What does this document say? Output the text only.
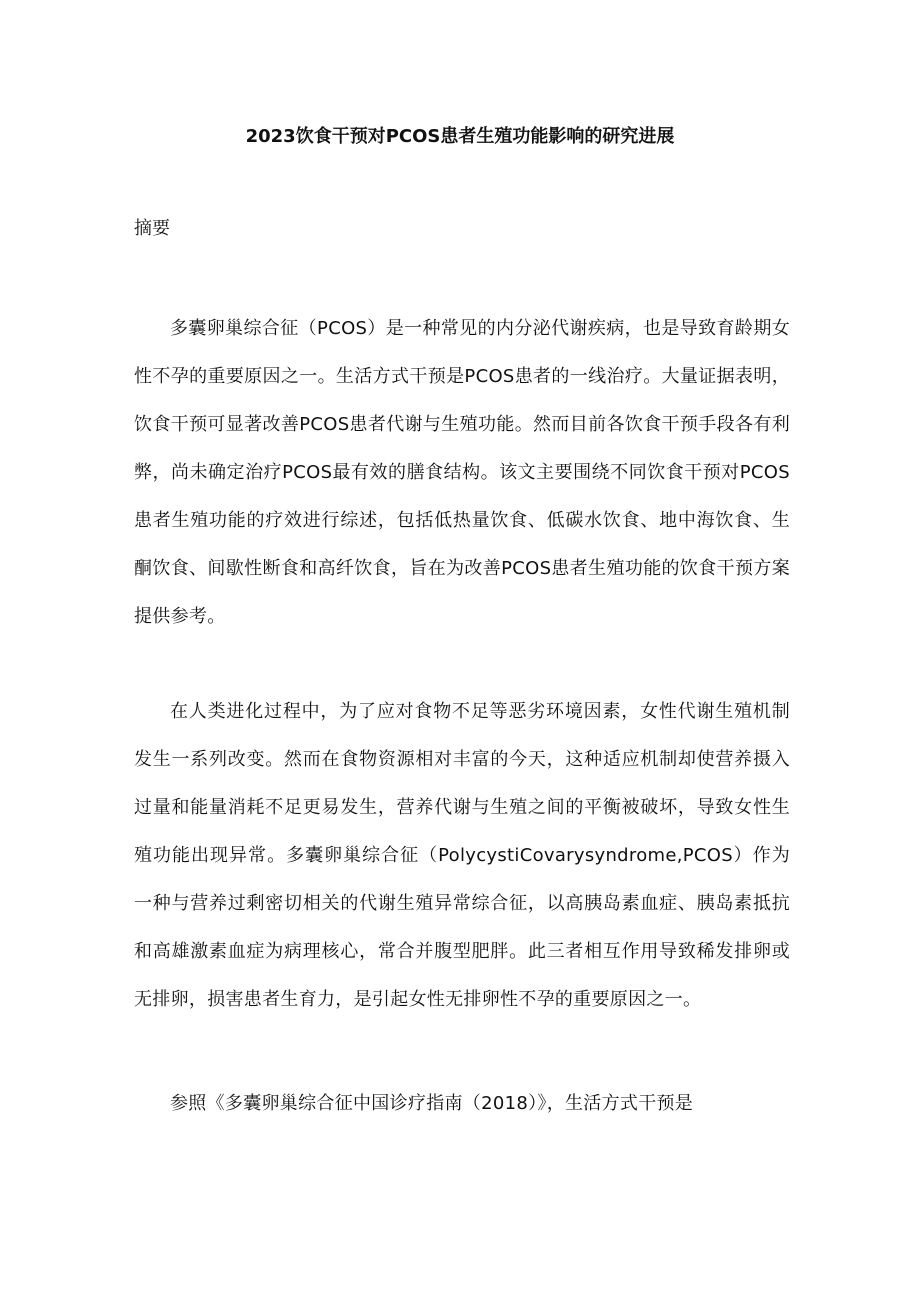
2023饮食干预对PCOS患者生殖功能影响的研究进展
摘要

多囊卵巢综合征（PCOS）是一种常见的内分泌代谢疾病，也是导致育龄期女性不孕的重要原因之一。生活方式干预是PCOS患者的一线治疗。大量证据表明，饮食干预可显著改善PCOS患者代谢与生殖功能。然而目前各饮食干预手段各有利弊，尚未确定治疗PCOS最有效的膳食结构。该文主要围绕不同饮食干预对PCOS患者生殖功能的疗效进行综述，包括低热量饮食、低碳水饮食、地中海饮食、生酮饮食、间歇性断食和高纤饮食，旨在为改善PCOS患者生殖功能的饮食干预方案提供参考。

在人类进化过程中，为了应对食物不足等恶劣环境因素，女性代谢生殖机制发生一系列改变。然而在食物资源相对丰富的今天，这种适应机制却使营养摄入过量和能量消耗不足更易发生，营养代谢与生殖之间的平衡被破坏，导致女性生殖功能出现异常。多囊卵巢综合征（PolycystiCovarysyndrome,PCOS）作为一种与营养过剩密切相关的代谢生殖异常综合征，以高胰岛素血症、胰岛素抵抗和高雄激素血症为病理核心，常合并腹型肥胖。此三者相互作用导致稀发排卵或无排卵，损害患者生育力，是引起女性无排卵性不孕的重要原因之一。

参照《多囊卵巢综合征中国诊疗指南（2018）》，生活方式干预是
